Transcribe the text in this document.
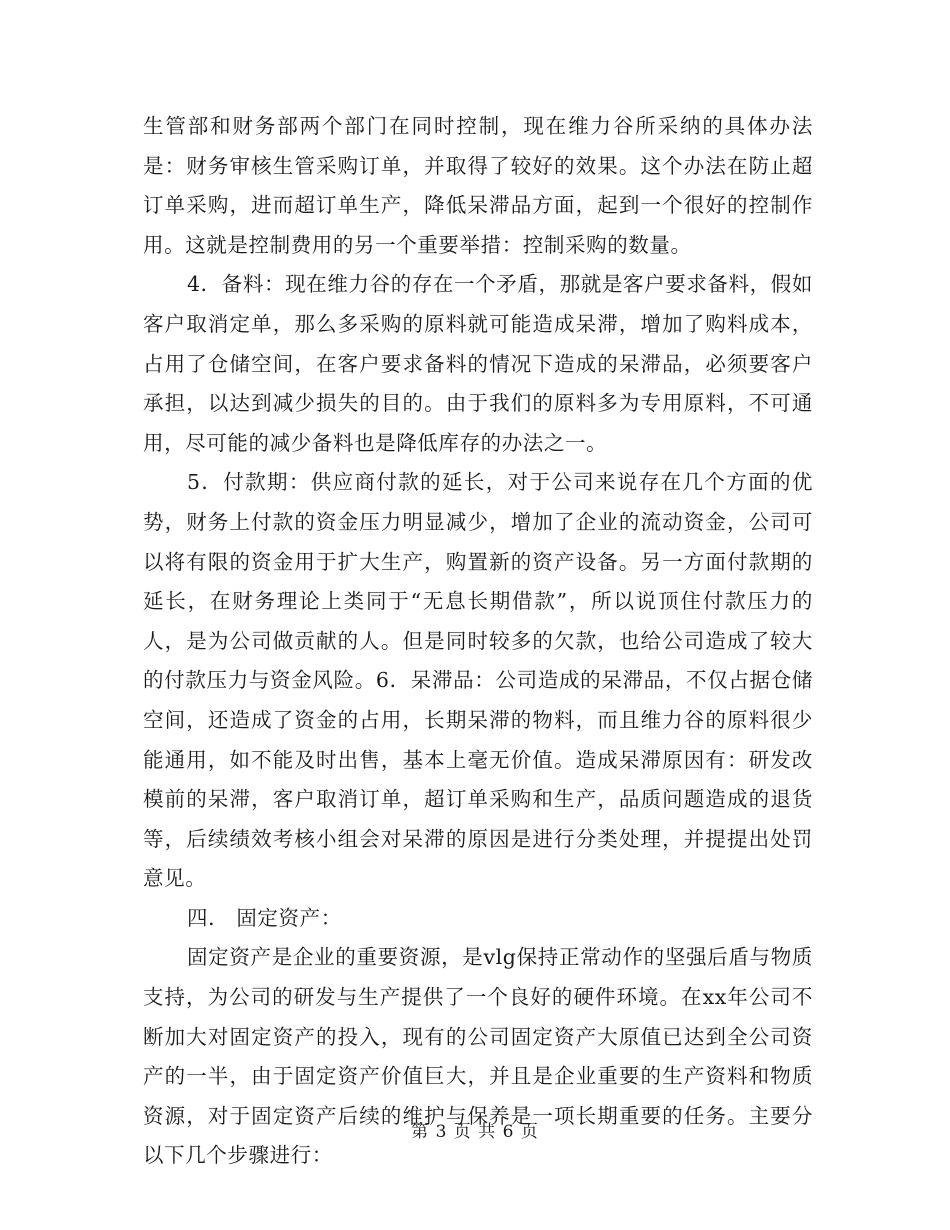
生管部和财务部两个部门在同时控制，现在维力谷所采纳的具体办法是：财务审核生管采购订单，并取得了较好的效果。这个办法在防止超订单采购，进而超订单生产，降低呆滞品方面，起到一个很好的控制作用。这就是控制费用的另一个重要举措：控制采购的数量。

4．备料：现在维力谷的存在一个矛盾，那就是客户要求备料，假如客户取消定单，那么多采购的原料就可能造成呆滞，增加了购料成本，占用了仓储空间，在客户要求备料的情况下造成的呆滞品，必须要客户承担，以达到减少损失的目的。由于我们的原料多为专用原料，不可通用，尽可能的减少备料也是降低库存的办法之一。

5．付款期：供应商付款的延长，对于公司来说存在几个方面的优势，财务上付款的资金压力明显减少，增加了企业的流动资金，公司可以将有限的资金用于扩大生产，购置新的资产设备。另一方面付款期的延长，在财务理论上类同于“无息长期借款”，所以说顶住付款压力的人，是为公司做贡献的人。但是同时较多的欠款，也给公司造成了较大的付款压力与资金风险。6．呆滞品：公司造成的呆滞品，不仅占据仓储空间，还造成了资金的占用，长期呆滞的物料，而且维力谷的原料很少能通用，如不能及时出售，基本上毫无价值。造成呆滞原因有：研发改模前的呆滞，客户取消订单，超订单采购和生产，品质问题造成的退货等，后续绩效考核小组会对呆滞的原因是进行分类处理，并提提出处罚意见。

四． 固定资产：

固定资产是企业的重要资源，是vlg保持正常动作的坚强后盾与物质支持，为公司的研发与生产提供了一个良好的硬件环境。在xx年公司不断加大对固定资产的投入，现有的公司固定资产大原值已达到全公司资产的一半，由于固定资产价值巨大，并且是企业重要的生产资料和物质资源，对于固定资产后续的维护与保养是一项长期重要的任务。主要分以下几个步骤进行：

第 3 页 共 6 页
